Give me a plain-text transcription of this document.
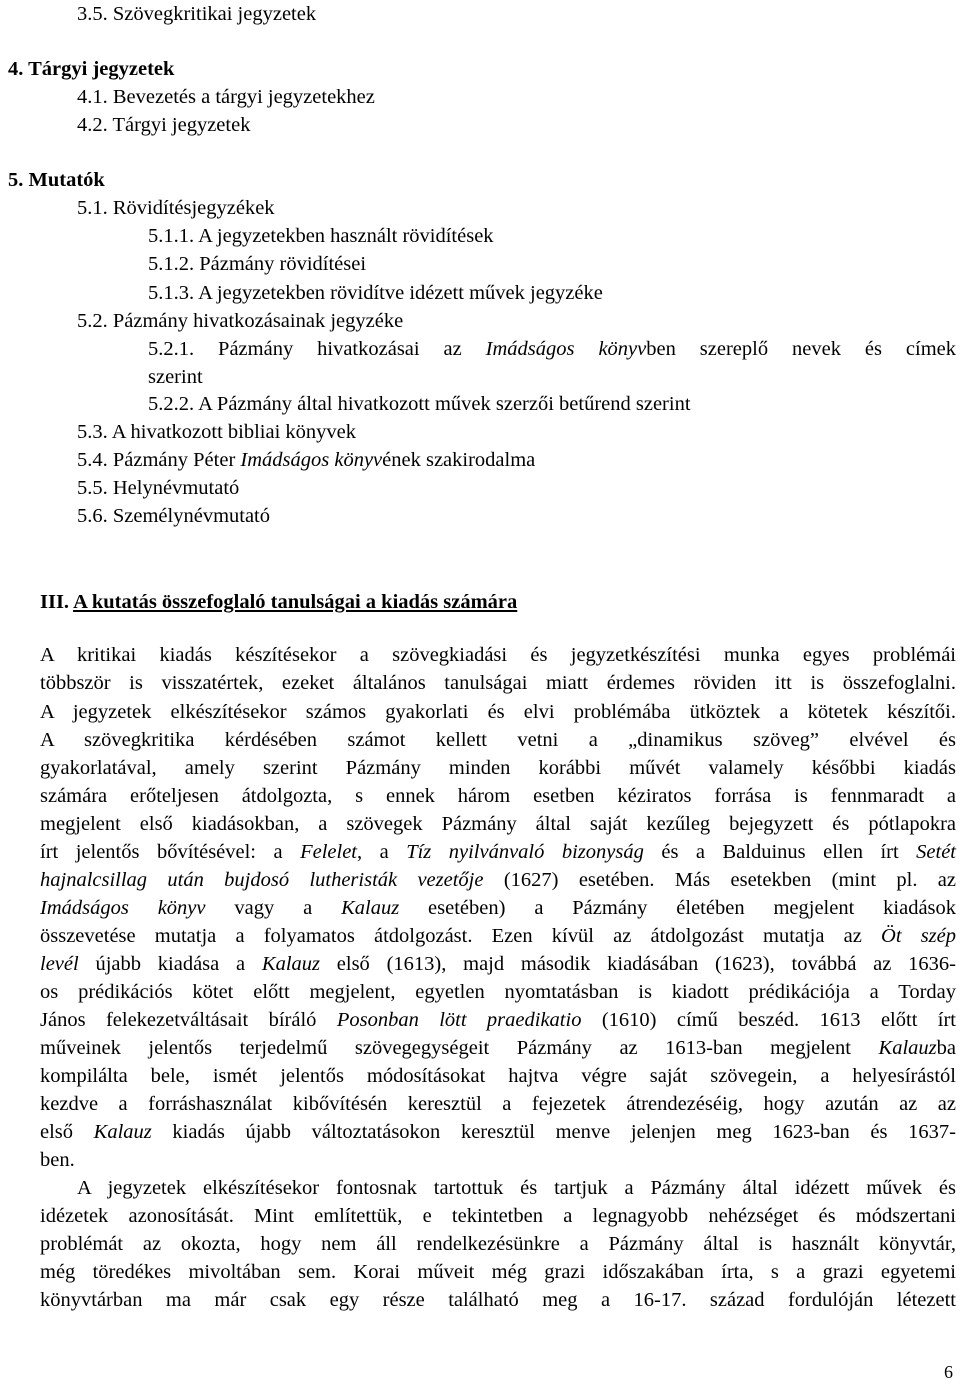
3.5. Szövegkritikai jegyzetek
4. Tárgyi jegyzetek
4.1. Bevezetés a tárgyi jegyzetekhez
4.2. Tárgyi jegyzetek
5. Mutatók
5.1. Rövidítésjegyzékek
5.1.1. A jegyzetekben használt rövidítések
5.1.2. Pázmány rövidítései
5.1.3. A jegyzetekben rövidítve idézett művek jegyzéke
5.2. Pázmány hivatkozásainak jegyzéke
5.2.1. Pázmány hivatkozásai az Imádságos könyvben szereplő nevek és címek
szerint
5.2.2. A Pázmány által hivatkozott művek szerzői betűrend szerint
5.3. A hivatkozott bibliai könyvek
5.4. Pázmány Péter Imádságos könyvének szakirodalma
5.5. Helynévmutató
5.6. Személynévmutató
III. A kutatás összefoglaló tanulságai a kiadás számára
A kritikai kiadás készítésekor a szövegkiadási és jegyzetkészítési munka egyes problémái
többször is visszatértek, ezeket általános tanulságai miatt érdemes röviden itt is összefoglalni.
A jegyzetek elkészítésekor számos gyakorlati és elvi problémába ütköztek a kötetek készítői.
A szövegkritika kérdésében számot kellett vetni a „dinamikus szöveg” elvével és
gyakorlatával, amely szerint Pázmány minden korábbi művét valamely későbbi kiadás
számára erőteljesen átdolgozta, s ennek három esetben kéziratos forrása is fennmaradt a
megjelent első kiadásokban, a szövegek Pázmány által saját kezűleg bejegyzett és pótlapokra
írt jelentős bővítésével: a Felelet, a Tíz nyilvánvaló bizonyság és a Balduinus ellen írt Setét
hajnalcsillag után bujdosó lutheristák vezetője (1627) esetében. Más esetekben (mint pl. az
Imádságos könyv vagy a Kalauz esetében) a Pázmány életében megjelent kiadások
összevetése mutatja a folyamatos átdolgozást. Ezen kívül az átdolgozást mutatja az Öt szép
levél újabb kiadása a Kalauz első (1613), majd második kiadásában (1623), továbbá az 1636-
os prédikációs kötet előtt megjelent, egyetlen nyomtatásban is kiadott prédikációja a Torday
János felekezetváltásait bíráló Posonban lött praedikatio (1610) című beszéd. 1613 előtt írt
műveinek jelentős terjedelmű szövegegységeit Pázmány az 1613-ban megjelent Kalauzba
kompilálta bele, ismét jelentős módosításokat hajtva végre saját szövegein, a helyesírástól
kezdve a forráshasználat kibővítésén keresztül a fejezetek átrendezéséig, hogy azután az az
első Kalauz kiadás újabb változtatásokon keresztül menve jelenjen meg 1623-ban és 1637-
ben.
A jegyzetek elkészítésekor fontosnak tartottuk és tartjuk a Pázmány által idézett művek és
idézetek azonosítását. Mint említettük, e tekintetben a legnagyobb nehézséget és módszertani
problémát az okozta, hogy nem áll rendelkezésünkre a Pázmány által is használt könyvtár,
még töredékes mivoltában sem. Korai műveit még grazi időszakában írta, s a grazi egyetemi
könyvtárban ma már csak egy része található meg a 16-17. század fordulóján létezett
6
